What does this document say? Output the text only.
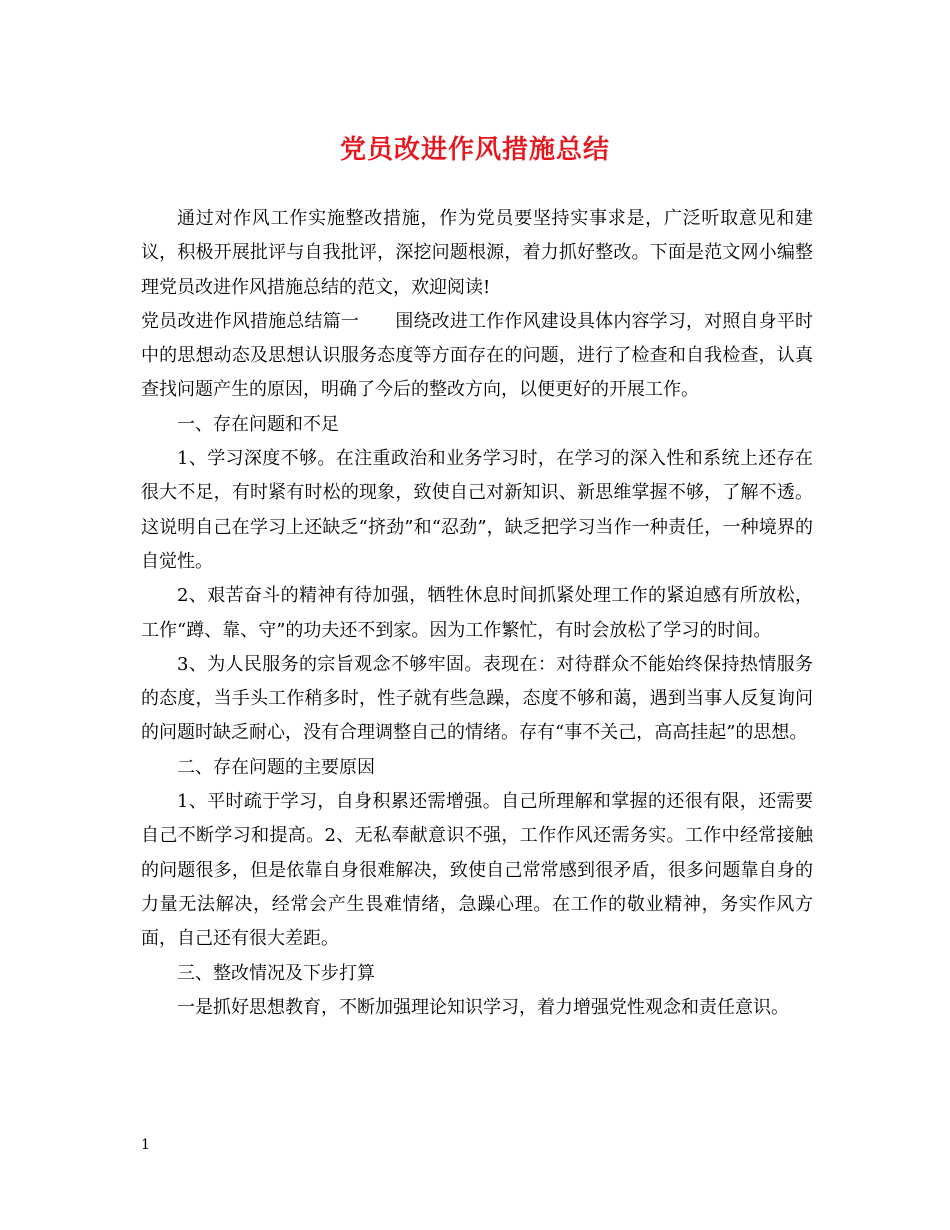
党员改进作风措施总结

通过对作风工作实施整改措施，作为党员要坚持实事求是，广泛听取意见和建议，积极开展批评与自我批评，深挖问题根源，着力抓好整改。下面是范文网小编整理党员改进作风措施总结的范文，欢迎阅读!

党员改进作风措施总结篇一　　围绕改进工作作风建设具体内容学习，对照自身平时中的思想动态及思想认识服务态度等方面存在的问题，进行了检查和自我检查，认真查找问题产生的原因，明确了今后的整改方向，以便更好的开展工作。

一、存在问题和不足

1、学习深度不够。在注重政治和业务学习时，在学习的深入性和系统上还存在很大不足，有时紧有时松的现象，致使自己对新知识、新思维掌握不够，了解不透。这说明自己在学习上还缺乏“挤劲”和“忍劲”，缺乏把学习当作一种责任，一种境界的自觉性。

2、艰苦奋斗的精神有待加强，牺牲休息时间抓紧处理工作的紧迫感有所放松，工作“蹲、靠、守”的功夫还不到家。因为工作繁忙，有时会放松了学习的时间。

3、为人民服务的宗旨观念不够牢固。表现在：对待群众不能始终保持热情服务的态度，当手头工作稍多时，性子就有些急躁，态度不够和蔼，遇到当事人反复询问的问题时缺乏耐心，没有合理调整自己的情绪。存有“事不关己，高高挂起”的思想。

二、存在问题的主要原因

1、平时疏于学习，自身积累还需增强。自己所理解和掌握的还很有限，还需要自己不断学习和提高。2、无私奉献意识不强，工作作风还需务实。工作中经常接触的问题很多，但是依靠自身很难解决，致使自己常常感到很矛盾，很多问题靠自身的力量无法解决，经常会产生畏难情绪，急躁心理。在工作的敬业精神，务实作风方面，自己还有很大差距。

三、整改情况及下步打算

一是抓好思想教育，不断加强理论知识学习，着力增强党性观念和责任意识。

1
